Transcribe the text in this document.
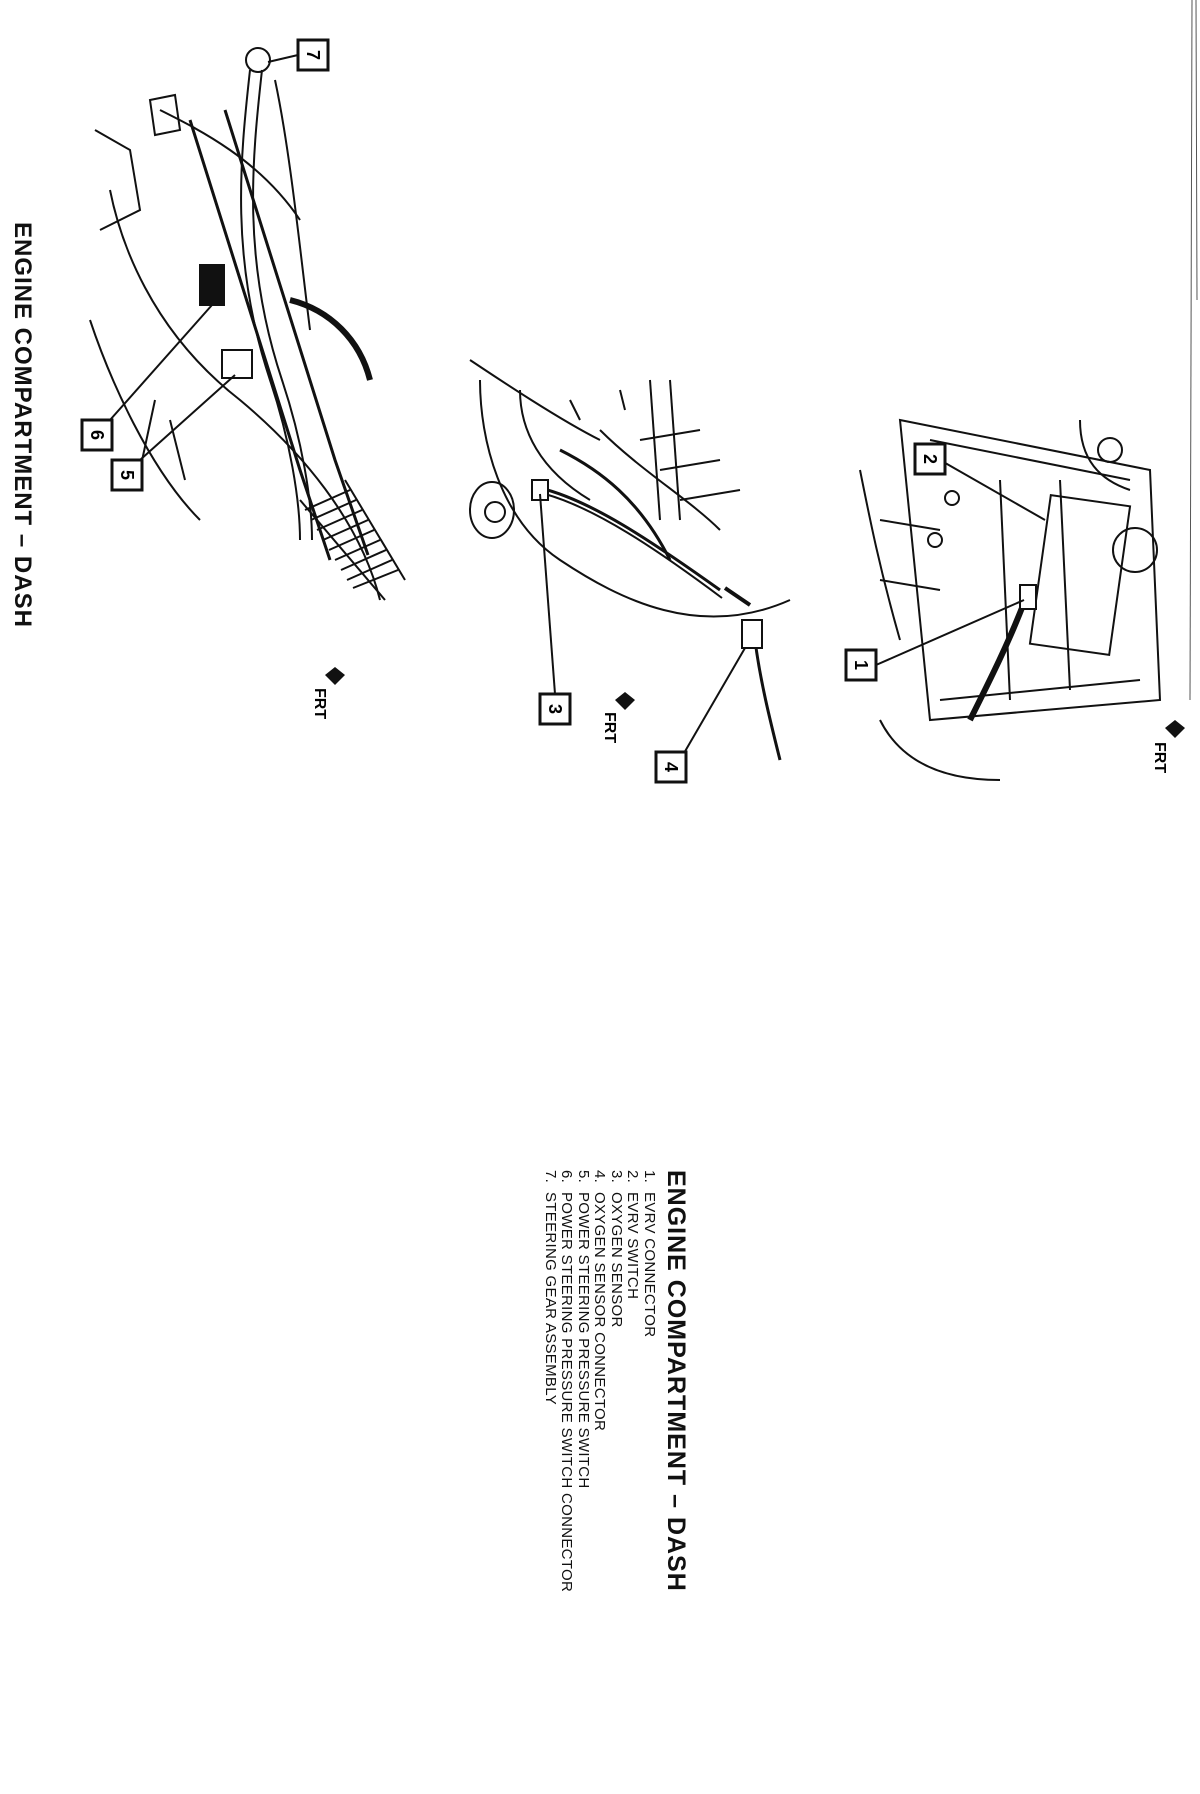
ENGINE COMPARTMENT – DASH
ENGINE COMPARTMENT – DASH
1.EVRV CONNECTOR
2.EVRV SWITCH
3.OXYGEN SENSOR
4.OXYGEN SENSOR CONNECTOR
5.POWER STEERING PRESSURE SWITCH
6.POWER STEERING PRESSURE SWITCH CONNECTOR
7.STEERING GEAR ASSEMBLY
7
6
5
3
4
1
2
FRT
FRT
FRT
